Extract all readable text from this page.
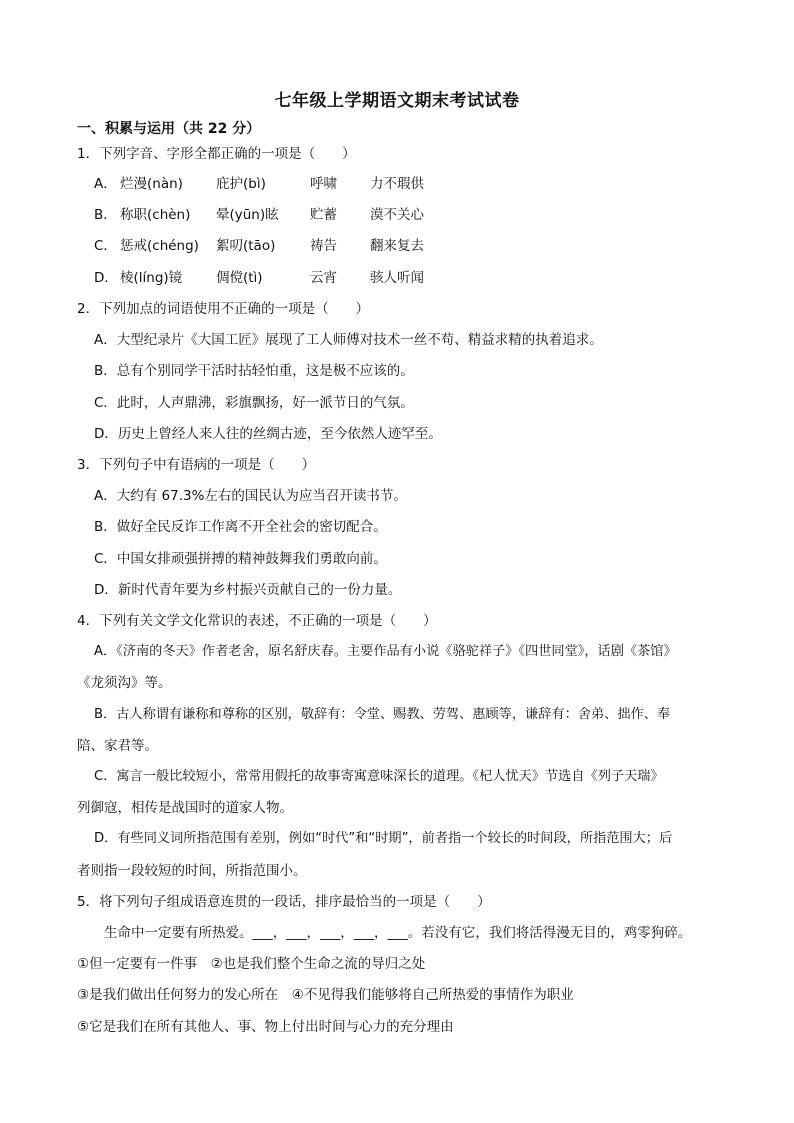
七年级上学期语文期末考试试卷
一、积累与运用（共 22 分）
1．下列字音、字形全都正确的一项是（　　）
A． 烂漫(nàn) 庇护(bì)	呼啸 力不瑕供
B． 称职(chèn) 晕(yūn)眩 贮蓄 漠不关心
C． 惩戒(chéng) 絮叨(tāo)	祷告 翻来复去
D． 棱(líng)镜	倜傥(tì)	云宵 骇人听闻
2．下列加点的词语使用不正确的一项是（　　）
A．大型纪录片《大国工匠》展现了工人师傅对技术一丝不苟、精益求精的执着追求。
B．总有个别同学干活时拈轻怕重，这是极不应该的。
C．此时，人声鼎沸，彩旗飘扬，好一派节日的气氛。
D．历史上曾经人来人往的丝绸古迹，至今依然人迹罕至。
3．下列句子中有语病的一项是（　　）
A．大约有 67.3%左右的国民认为应当召开读书节。
B．做好全民反诈工作离不开全社会的密切配合。
C．中国女排顽强拼搏的精神鼓舞我们勇敢向前。
D．新时代青年要为乡村振兴贡献自己的一份力量。
4．下列有关文学文化常识的表述，不正确的一项是（　　）
A．《济南的冬天》作者老舍，原名舒庆春。主要作品有小说《骆驼祥子》《四世同堂》，话剧《茶馆》
《龙须沟》等。
B．古人称谓有谦称和尊称的区别，敬辞有：令堂、赐教、劳驾、惠顾等，谦辞有：舍弟、拙作、奉
陪、家君等。
C．寓言一般比较短小，常常用假托的故事寄寓意味深长的道理。《杞人忧天》节选自《列子天瑞》
列御寇，相传是战国时的道家人物。
D．有些同义词所指范围有差别，例如“时代”和“时期”，前者指一个较长的时间段，所指范围大；后
者则指一段较短的时间，所指范围小。
5．将下列句子组成语意连贯的一段话，排序最恰当的一项是（　　）
生命中一定要有所热爱。___，___，___，___，___。若没有它，我们将活得漫无目的，鸡零狗碎。
①但一定要有一件事　②也是我们整个生命之流的导归之处
③是我们做出任何努力的发心所在　④不见得我们能够将自己所热爱的事情作为职业
⑤它是我们在所有其他人、事、物上付出时间与心力的充分理由
